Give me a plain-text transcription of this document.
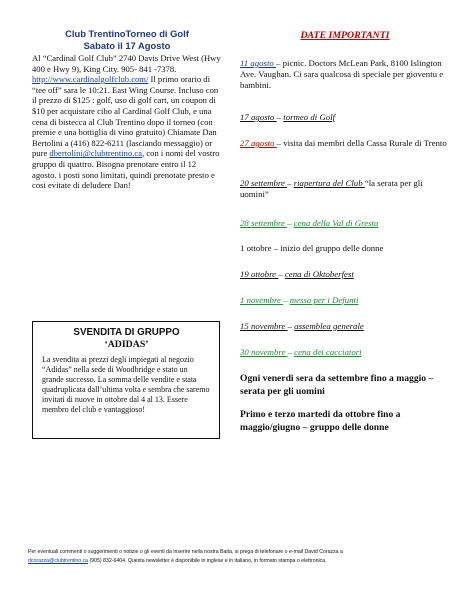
Club TrentinoTorneo di Golf
Sabato il 17 Agosto

Al “Cardinal Golf Club” 2740 Davis Drive West (Hwy 400 e Hwy 9), King City. 905- 841 -7378. http://www.cardinalgolfclub.com/ Il primo orario di “tee off” sara le 10:21. East Wing Course. Incluso con il prezzo di $125 : golf, uso di golf cart, un coupon di $10 per acquistare cibo al Cardinal Golf Club, e una cena di bistecca al Club Trentino dopo il torneo (con premie e una bottiglia di vino gratuito) Chiamate Dan Bertolini a (416) 822-6211 (lasciando messaggio) or pure dbertolini@clubtrentino.ca, con i nomi del vostro gruppo di quattro. Bisogna prenotare entro il 12 agosto. i posti sono limitati, quindi prenotate presto e cosi evitate di deludere Dan!

SVENDITA DI GRUPPO

‘ADIDAS’

La svendita ai prezzi degli impiegati al negozio “Adidas” nella sede di Woodbridge e stato un grande successo. La somma delle vendite e stata quadruplicata dall’ultima volta e sembra che saremo invitati di nuove in ottobre dal 4 al 13. Essere membro del club e vantaggioso!

DATE IMPORTANTI

11 agosto – picnic. Doctors McLean Park, 8100 Islington Ave. Vaughan. Ci sara qualcosa di speciale per gioventu e bambini.

17 agosto – tormeo di Golf

27 agosto – visita dai membri della Cassa Rurale di Trento

20 settembre – riapertura del Club “la serata per gli uomini”

28 settembre – cena della Val di Gresta

1 ottobre – inizio del gruppo delle donne

19 ottobre – cena di Oktoberfest

1 novembre – messa per i Defunti

15 novembre – assemblea generale

30 novembre – cena dei cacciatori

Ogni venerdi sera da settembre fino a maggio – serata per gli uomini

Primo e terzo martedi da ottobre fino a maggio/giugno – gruppo delle donne

Per eventuali commenti o suggerimenti o notizie o gli eventi da inserire nella nostra Baita, si prega di telefonare o e-mail David Corazza a
dcorazza@clubtrentino.ca (905) 832-6404. Questa newsletter è disponibile in inglese e in italiano, in formato stampa o elettronica.
